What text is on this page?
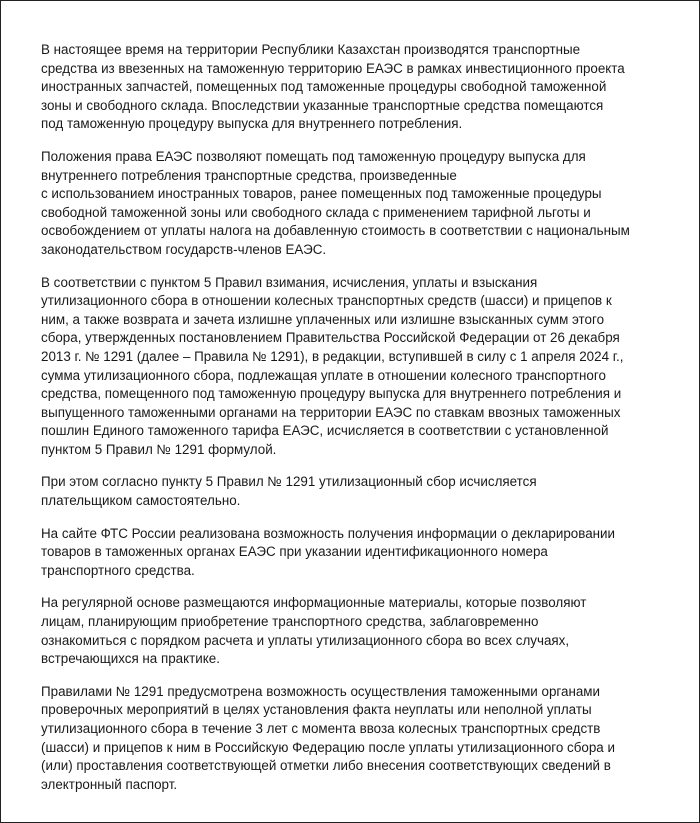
В настоящее время на территории Республики Казахстан производятся транспортные
средства из ввезенных на таможенную территорию ЕАЭС в рамках инвестиционного проекта
иностранных запчастей, помещенных под таможенные процедуры свободной таможенной
зоны и свободного склада. Впоследствии указанные транспортные средства помещаются
под таможенную процедуру выпуска для внутреннего потребления.

Положения права ЕАЭС позволяют помещать под таможенную процедуру выпуска для
внутреннего потребления транспортные средства, произведенные
с использованием иностранных товаров, ранее помещенных под таможенные процедуры
свободной таможенной зоны или свободного склада с применением тарифной льготы и
освобождением от уплаты налога на добавленную стоимость в соответствии с национальным
законодательством государств-членов ЕАЭС.

В соответствии с пунктом 5 Правил взимания, исчисления, уплаты и взыскания
утилизационного сбора в отношении колесных транспортных средств (шасси) и прицепов к
ним, а также возврата и зачета излишне уплаченных или излишне взысканных сумм этого
сбора, утвержденных постановлением Правительства Российской Федерации от 26 декабря
2013 г. № 1291 (далее – Правила № 1291), в редакции, вступившей в силу с 1 апреля 2024 г.,
сумма утилизационного сбора, подлежащая уплате в отношении колесного транспортного
средства, помещенного под таможенную процедуру выпуска для внутреннего потребления и
выпущенного таможенными органами на территории ЕАЭС по ставкам ввозных таможенных
пошлин Единого таможенного тарифа ЕАЭС, исчисляется в соответствии с установленной
пунктом 5 Правил № 1291 формулой.

При этом согласно пункту 5 Правил № 1291 утилизационный сбор исчисляется
плательщиком самостоятельно.

На сайте ФТС России реализована возможность получения информации о декларировании
товаров в таможенных органах ЕАЭС при указании идентификационного номера
транспортного средства.

На регулярной основе размещаются информационные материалы, которые позволяют
лицам, планирующим приобретение транспортного средства, заблаговременно
ознакомиться с порядком расчета и уплаты утилизационного сбора во всех случаях,
встречающихся на практике.

Правилами № 1291 предусмотрена возможность осуществления таможенными органами
проверочных мероприятий в целях установления факта неуплаты или неполной уплаты
утилизационного сбора в течение 3 лет с момента ввоза колесных транспортных средств
(шасси) и прицепов к ним в Российскую Федерацию после уплаты утилизационного сбора и
(или) проставления соответствующей отметки либо внесения соответствующих сведений в
электронный паспорт.
